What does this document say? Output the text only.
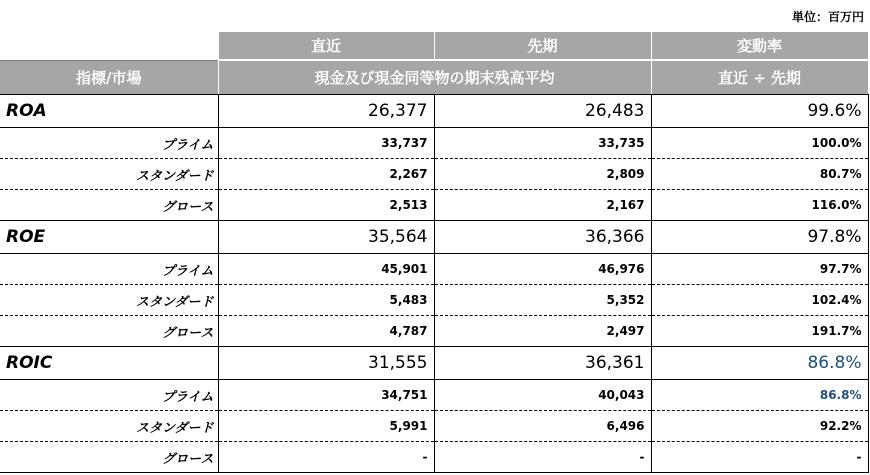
単位：百万円
	直近	先期	変動率
指標/市場	現金及び現金同等物の期末残高平均		直近 ÷ 先期
ROA	26,377	26,483	99.6%
プライム	33,737	33,735	100.0%
スタンダード	2,267	2,809	80.7%
グロース	2,513	2,167	116.0%
ROE	35,564	36,366	97.8%
プライム	45,901	46,976	97.7%
スタンダード	5,483	5,352	102.4%
グロース	4,787	2,497	191.7%
ROIC	31,555	36,361	86.8%
プライム	34,751	40,043	86.8%
スタンダード	5,991	6,496	92.2%
グロース	-	-	-
